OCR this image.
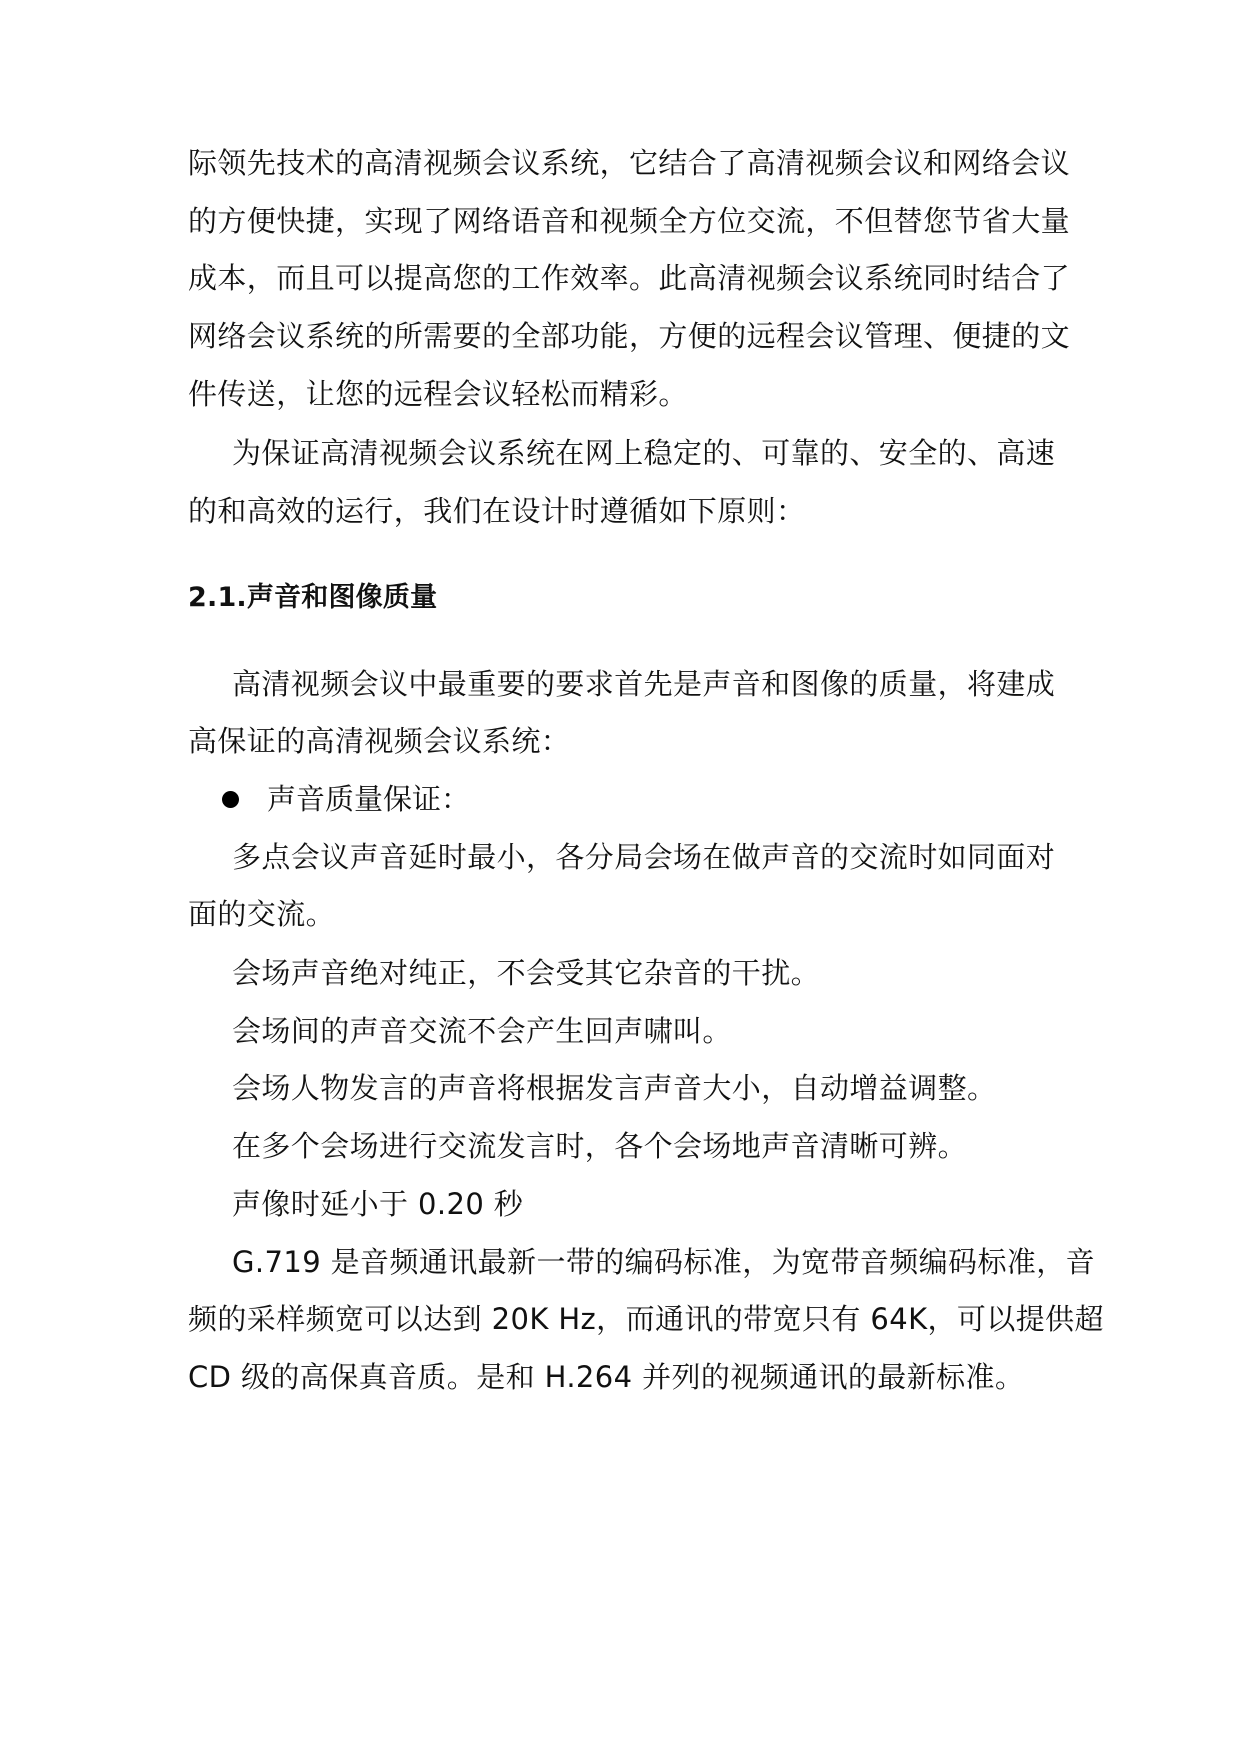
际领先技术的高清视频会议系统，它结合了高清视频会议和网络会议
的方便快捷，实现了网络语音和视频全方位交流，不但替您节省大量
成本，而且可以提高您的工作效率。此高清视频会议系统同时结合了
网络会议系统的所需要的全部功能，方便的远程会议管理、便捷的文
件传送，让您的远程会议轻松而精彩。
为保证高清视频会议系统在网上稳定的、可靠的、安全的、高速
的和高效的运行，我们在设计时遵循如下原则：
2.1.声音和图像质量
高清视频会议中最重要的要求首先是声音和图像的质量，将建成
高保证的高清视频会议系统：
声音质量保证：
多点会议声音延时最小，各分局会场在做声音的交流时如同面对
面的交流。
会场声音绝对纯正，不会受其它杂音的干扰。
会场间的声音交流不会产生回声啸叫。
会场人物发言的声音将根据发言声音大小，自动增益调整。
在多个会场进行交流发言时，各个会场地声音清晰可辨。
声像时延小于 0.20 秒
G.719 是音频通讯最新一带的编码标准，为宽带音频编码标准，音
频的采样频宽可以达到 20K Hz，而通讯的带宽只有 64K，可以提供超
CD 级的高保真音质。是和 H.264 并列的视频通讯的最新标准。
